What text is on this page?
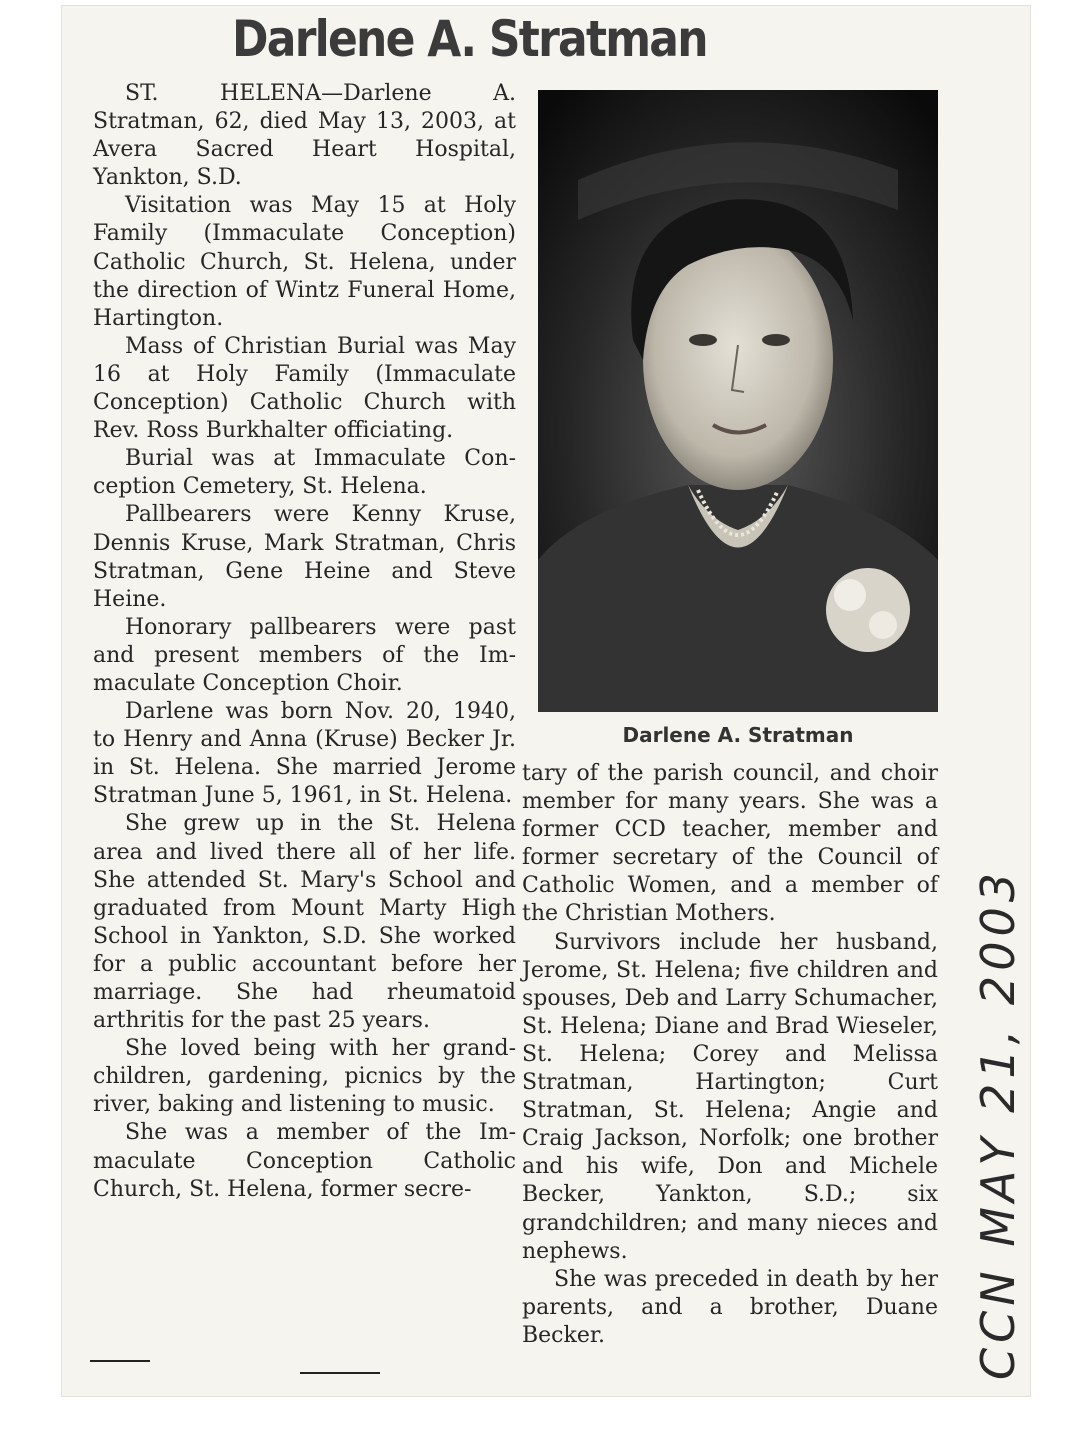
Darlene A. Stratman

ST. HELENA—Darlene A. Stratman, 62, died May 13, 2003, at Avera Sacred Heart Hospital, Yankton, S.D.

Visitation was May 15 at Holy Family (Immaculate Conception) Catholic Church, St. Helena, under the direction of Wintz Funeral Home, Hartington.

Mass of Christian Burial was May 16 at Holy Family (Immaculate Conception) Catholic Church with Rev. Ross Burkhalter officiating.

Burial was at Immaculate Conception Cemetery, St. Helena.

Pallbearers were Kenny Kruse, Dennis Kruse, Mark Stratman, Chris Stratman, Gene Heine and Steve Heine.

Honorary pallbearers were past and present members of the Immaculate Conception Choir.

Darlene was born Nov. 20, 1940, to Henry and Anna (Kruse) Becker Jr. in St. Helena. She married Jerome Stratman June 5, 1961, in St. Helena.

She grew up in the St. Helena area and lived there all of her life. She attended St. Mary's School and graduated from Mount Marty High School in Yankton, S.D. She worked for a public accountant before her marriage. She had rheumatoid arthritis for the past 25 years.

She loved being with her grandchildren, gardening, picnics by the river, baking and listening to music.

She was a member of the Immaculate Conception Catholic Church, St. Helena, former secre-

Darlene A. Stratman

tary of the parish council, and choir member for many years. She was a former CCD teacher, member and former secretary of the Council of Catholic Women, and a member of the Christian Mothers.

Survivors include her husband, Jerome, St. Helena; five children and spouses, Deb and Larry Schumacher, St. Helena; Diane and Brad Wieseler, St. Helena; Corey and Melissa Stratman, Hartington; Curt Stratman, St. Helena; Angie and Craig Jackson, Norfolk; one brother and his wife, Don and Michele Becker, Yankton, S.D.; six grandchildren; and many nieces and nephews.

She was preceded in death by her parents, and a brother, Duane Becker.	CCN MAY 21, 2003
